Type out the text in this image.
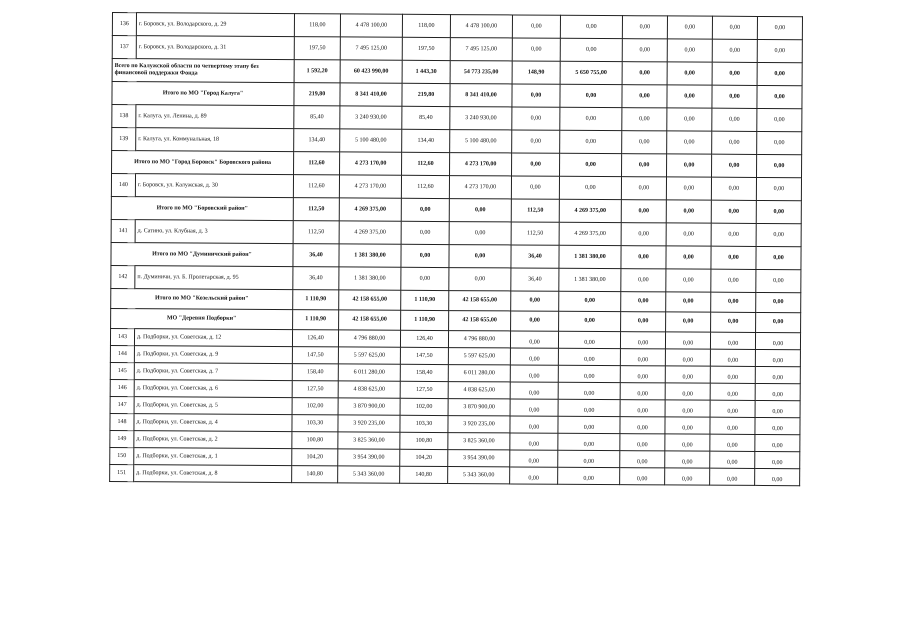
136	г. Боровск, ул. Володарского, д. 29	118,00	4 478 100,00	118,00	4 478 100,00	0,00	0,00	0,00	0,00	0,00	0,00
137	г. Боровск, ул. Володарского, д. 31	197,50	7 495 125,00	197,50	7 495 125,00	0,00	0,00	0,00	0,00	0,00	0,00
Всего по Калужской области по четвертому этапу без финансовой поддержки Фонда		1 592,20	60 423 990,00	1 443,30	54 773 235,00	148,90	5 650 755,00	0,00	0,00	0,00	0,00
Итого по МО "Город Калуга"		219,80	8 341 410,00	219,80	8 341 410,00	0,00	0,00	0,00	0,00	0,00	0,00
138	г. Калуга, ул. Ленина, д. 89	85,40	3 240 930,00	85,40	3 240 930,00	0,00	0,00	0,00	0,00	0,00	0,00
139	г. Калуга, ул. Коммунальная, 18	134,40	5 100 480,00	134,40	5 100 480,00	0,00	0,00	0,00	0,00	0,00	0,00
Итого по МО "Город Боровск" Боровского района		112,60	4 273 170,00	112,60	4 273 170,00	0,00	0,00	0,00	0,00	0,00	0,00
140	г. Боровск, ул. Калужская, д. 30	112,60	4 273 170,00	112,60	4 273 170,00	0,00	0,00	0,00	0,00	0,00	0,00
Итого по МО "Боровский район"		112,50	4 269 375,00	0,00	0,00	112,50	4 269 375,00	0,00	0,00	0,00	0,00
141	д. Сатино, ул. Клубная, д. 3	112,50	4 269 375,00	0,00	0,00	112,50	4 269 375,00	0,00	0,00	0,00	0,00
Итого по МО "Думиничский район"		36,40	1 381 380,00	0,00	0,00	36,40	1 381 380,00	0,00	0,00	0,00	0,00
142	п. Думиничи, ул. Б. Пролетарская, д. 95	36,40	1 381 380,00	0,00	0,00	36,40	1 381 380,00	0,00	0,00	0,00	0,00
Итого по МО "Козельский район"		1 110,90	42 158 655,00	1 110,90	42 158 655,00	0,00	0,00	0,00	0,00	0,00	0,00
МО "Деревня Подборки"		1 110,90	42 158 655,00	1 110,90	42 158 655,00	0,00	0,00	0,00	0,00	0,00	0,00
143	д. Подборки, ул. Советская, д. 12	126,40	4 796 880,00	126,40	4 796 880,00	0,00	0,00	0,00	0,00	0,00	0,00
144	д. Подборки, ул. Советская, д. 9	147,50	5 597 625,00	147,50	5 597 625,00	0,00	0,00	0,00	0,00	0,00	0,00
145	д. Подборки, ул. Советская, д. 7	158,40	6 011 280,00	158,40	6 011 280,00	0,00	0,00	0,00	0,00	0,00	0,00
146	д. Подборки, ул. Советская, д. 6	127,50	4 838 625,00	127,50	4 838 625,00	0,00	0,00	0,00	0,00	0,00	0,00
147	д. Подборки, ул. Советская, д. 5	102,00	3 870 900,00	102,00	3 870 900,00	0,00	0,00	0,00	0,00	0,00	0,00
148	д. Подборки, ул. Советская, д. 4	103,30	3 920 235,00	103,30	3 920 235,00	0,00	0,00	0,00	0,00	0,00	0,00
149	д. Подборки, ул. Советская, д. 2	100,80	3 825 360,00	100,80	3 825 360,00	0,00	0,00	0,00	0,00	0,00	0,00
150	д. Подборки, ул. Советская, д. 1	104,20	3 954 390,00	104,20	3 954 390,00	0,00	0,00	0,00	0,00	0,00	0,00
151	д. Подборки, ул. Советская, д. 8	140,80	5 343 360,00	140,80	5 343 360,00	0,00	0,00	0,00	0,00	0,00	0,00
